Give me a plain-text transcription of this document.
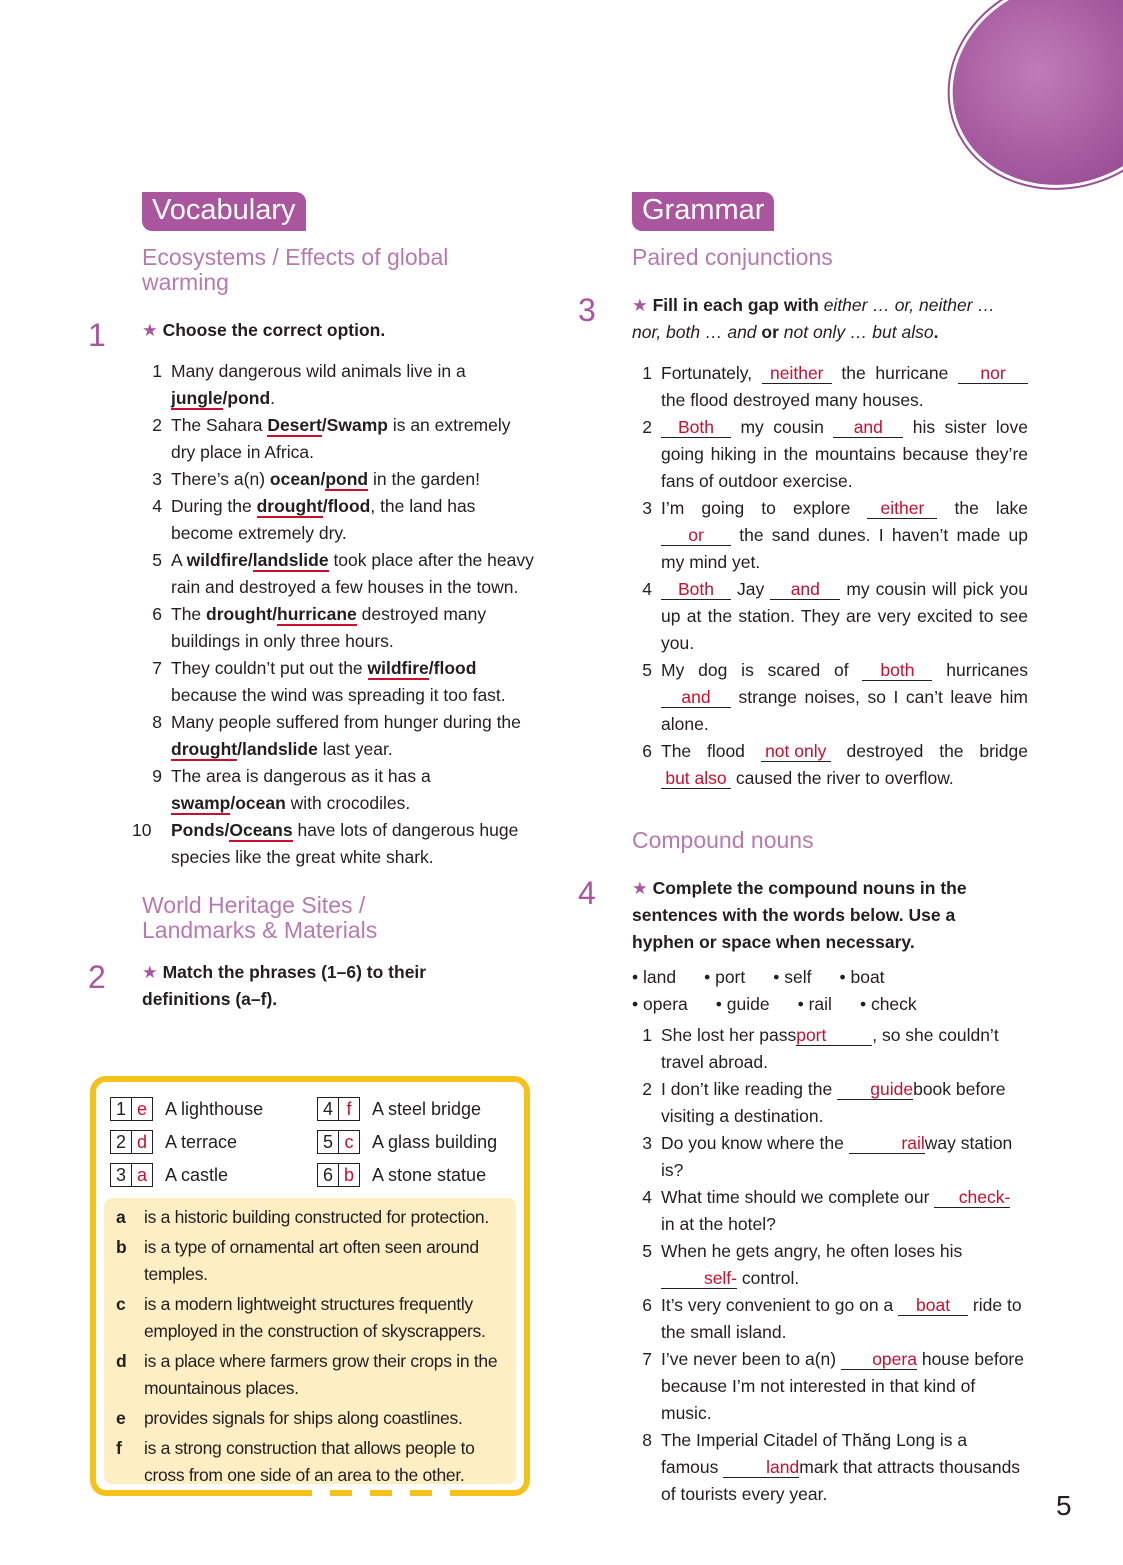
Vocabulary
Ecosystems / Effects of global warming
1 ★ Choose the correct option.
1 Many dangerous wild animals live in a jungle/pond.
2 The Sahara Desert/Swamp is an extremely dry place in Africa.
3 There’s a(n) ocean/pond in the garden!
4 During the drought/flood, the land has become extremely dry.
5 A wildfire/landslide took place after the heavy rain and destroyed a few houses in the town.
6 The drought/hurricane destroyed many buildings in only three hours.
7 They couldn’t put out the wildfire/flood because the wind was spreading it too fast.
8 Many people suffered from hunger during the drought/landslide last year.
9 The area is dangerous as it has a swamp/ocean with crocodiles.
10 Ponds/Oceans have lots of dangerous huge species like the great white shark.
World Heritage Sites / Landmarks & Materials
2 ★ Match the phrases (1–6) to their definitions (a–f).
1 e	A lighthouse
2 d	A terrace
3 a	A castle
4 f	A steel bridge
5 c	A glass building
6 b	A stone statue
a is a historic building constructed for protection.
b is a type of ornamental art often seen around temples.
c is a modern lightweight structures frequently employed in the construction of skyscrappers.
d is a place where farmers grow their crops in the mountainous places.
e provides signals for ships along coastlines.
f is a strong construction that allows people to cross from one side of an area to the other.
Grammar
Paired conjunctions
3 ★ Fill in each gap with either … or, neither … nor, both … and or not only … but also.
1 Fortunately, neither the hurricane nor the flood destroyed many houses.
2 Both my cousin and his sister love going hiking in the mountains because they’re fans of outdoor exercise.
3 I’m going to explore either the lake or the sand dunes. I haven’t made up my mind yet.
4 Both Jay and my cousin will pick you up at the station. They are very excited to see you.
5 My dog is scared of both hurricanes and strange noises, so I can’t leave him alone.
6 The flood not only destroyed the bridge but also caused the river to overflow.
Compound nouns
4 ★ Complete the compound nouns in the sentences with the words below. Use a hyphen or space when necessary.
• land • port • self • boat
• opera • guide • rail • check
1 She lost her passport	, so she couldn’t travel abroad.
2 I don’t like reading the guidebook before visiting a destination.
3 Do you know where the	railway station is?
4 What time should we complete our check- in at the hotel?
5 When he gets angry, he often loses his self- control.
6 It’s very convenient to go on a boat ride to the small island.
7 I’ve never been to a(n) opera house before because I’m not interested in that kind of music.
8 The Imperial Citadel of Thăng Long is a famous landmark that attracts thousands of tourists every year.	5
